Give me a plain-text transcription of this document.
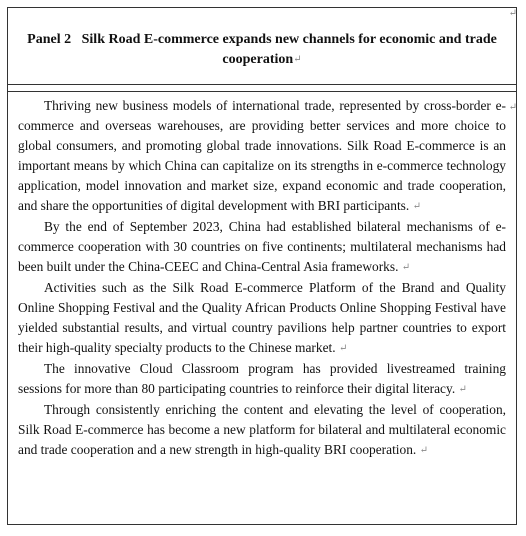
↵

Panel 2 Silk Road E-commerce expands new channels for economic and trade cooperation↵

↵

Thriving new business models of international trade, represented by cross-border e-commerce and overseas warehouses, are providing better services and more choice to global consumers, and promoting global trade innovations. Silk Road E-commerce is an important means by which China can capitalize on its strengths in e-commerce technology application, model innovation and market size, expand economic and trade cooperation, and share the opportunities of digital development with BRI participants. ↵

By the end of September 2023, China had established bilateral mechanisms of e-commerce cooperation with 30 countries on five continents; multilateral mechanisms had been built under the China-CEEC and China-Central Asia frameworks. ↵

Activities such as the Silk Road E-commerce Platform of the Brand and Quality Online Shopping Festival and the Quality African Products Online Shopping Festival have yielded substantial results, and virtual country pavilions help partner countries to export their high-quality specialty products to the Chinese market. ↵

The innovative Cloud Classroom program has provided livestreamed training sessions for more than 80 participating countries to reinforce their digital literacy. ↵

Through consistently enriching the content and elevating the level of cooperation, Silk Road E-commerce has become a new platform for bilateral and multilateral economic and trade cooperation and a new strength in high-quality BRI cooperation. ↵
